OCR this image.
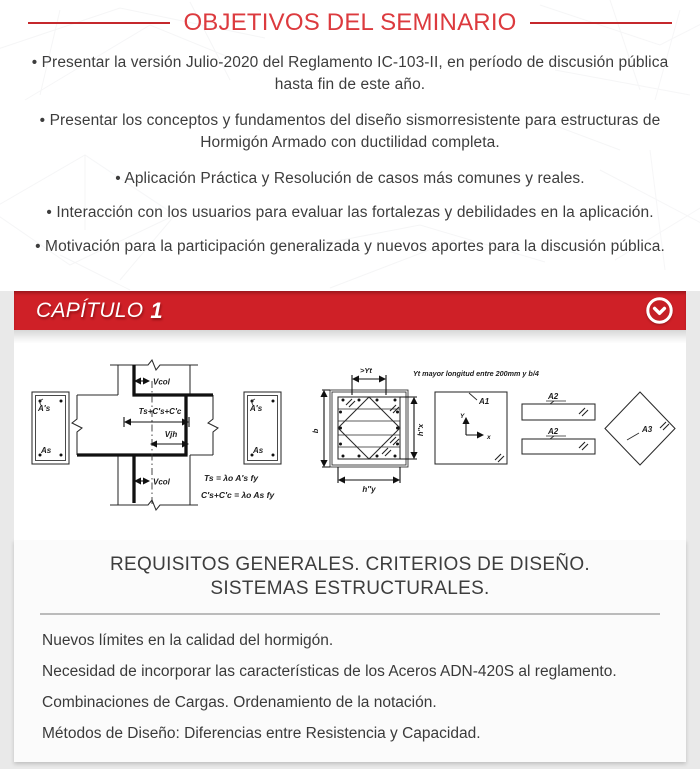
OBJETIVOS DEL SEMINARIO

• Presentar la versión Julio-2020 del Reglamento IC-103-II, en período de discusión pública hasta fin de este año.

• Presentar los conceptos y fundamentos del diseño sismorresistente para estructuras de Hormigón Armado con ductilidad completa.

• Aplicación Práctica y Resolución de casos más comunes y reales.

• Interacción con los usuarios para evaluar las fortalezas y debilidades en la aplicación.

• Motivación para la participación generalizada y nuevos aportes para la discusión pública.

CAPÍTULO 1
A′s
As
Vcol
Ts+C′s+C′c
Vjh
Vcol	Ts = λo A′s fy
C′s+C′c = λo As fy
A′s
As
b
>Yt
h″x
h″y
Yt mayor longitud entre 200mm y b/4
A1
Y
x
A2
A2	A3
REQUISITOS GENERALES. CRITERIOS DE DISEÑO.
SISTEMAS ESTRUCTURALES.

Nuevos límites en la calidad del hormigón.

Necesidad de incorporar las características de los Aceros ADN-420S al reglamento.

Combinaciones de Cargas. Ordenamiento de la notación.

Métodos de Diseño: Diferencias entre Resistencia y Capacidad.
